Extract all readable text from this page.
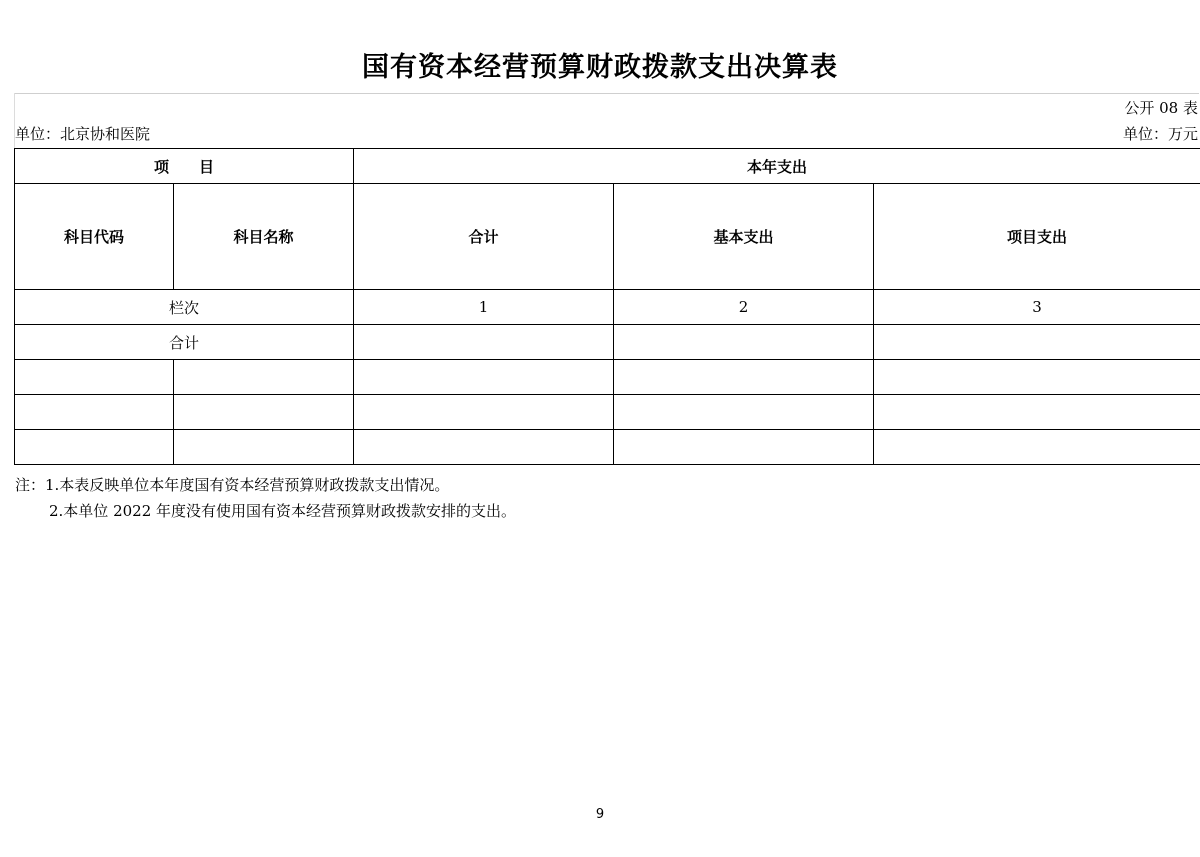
国有资本经营预算财政拨款支出决算表
公开 08 表
单位：北京协和医院	单位：万元
项　　目		本年支出		
科目代码	科目名称	合计	基本支出	项目支出
栏次		1	2	3
合计				

注：1.本表反映单位本年度国有资本经营预算财政拨款支出情况。
2.本单位 2022 年度没有使用国有资本经营预算财政拨款安排的支出。
9
